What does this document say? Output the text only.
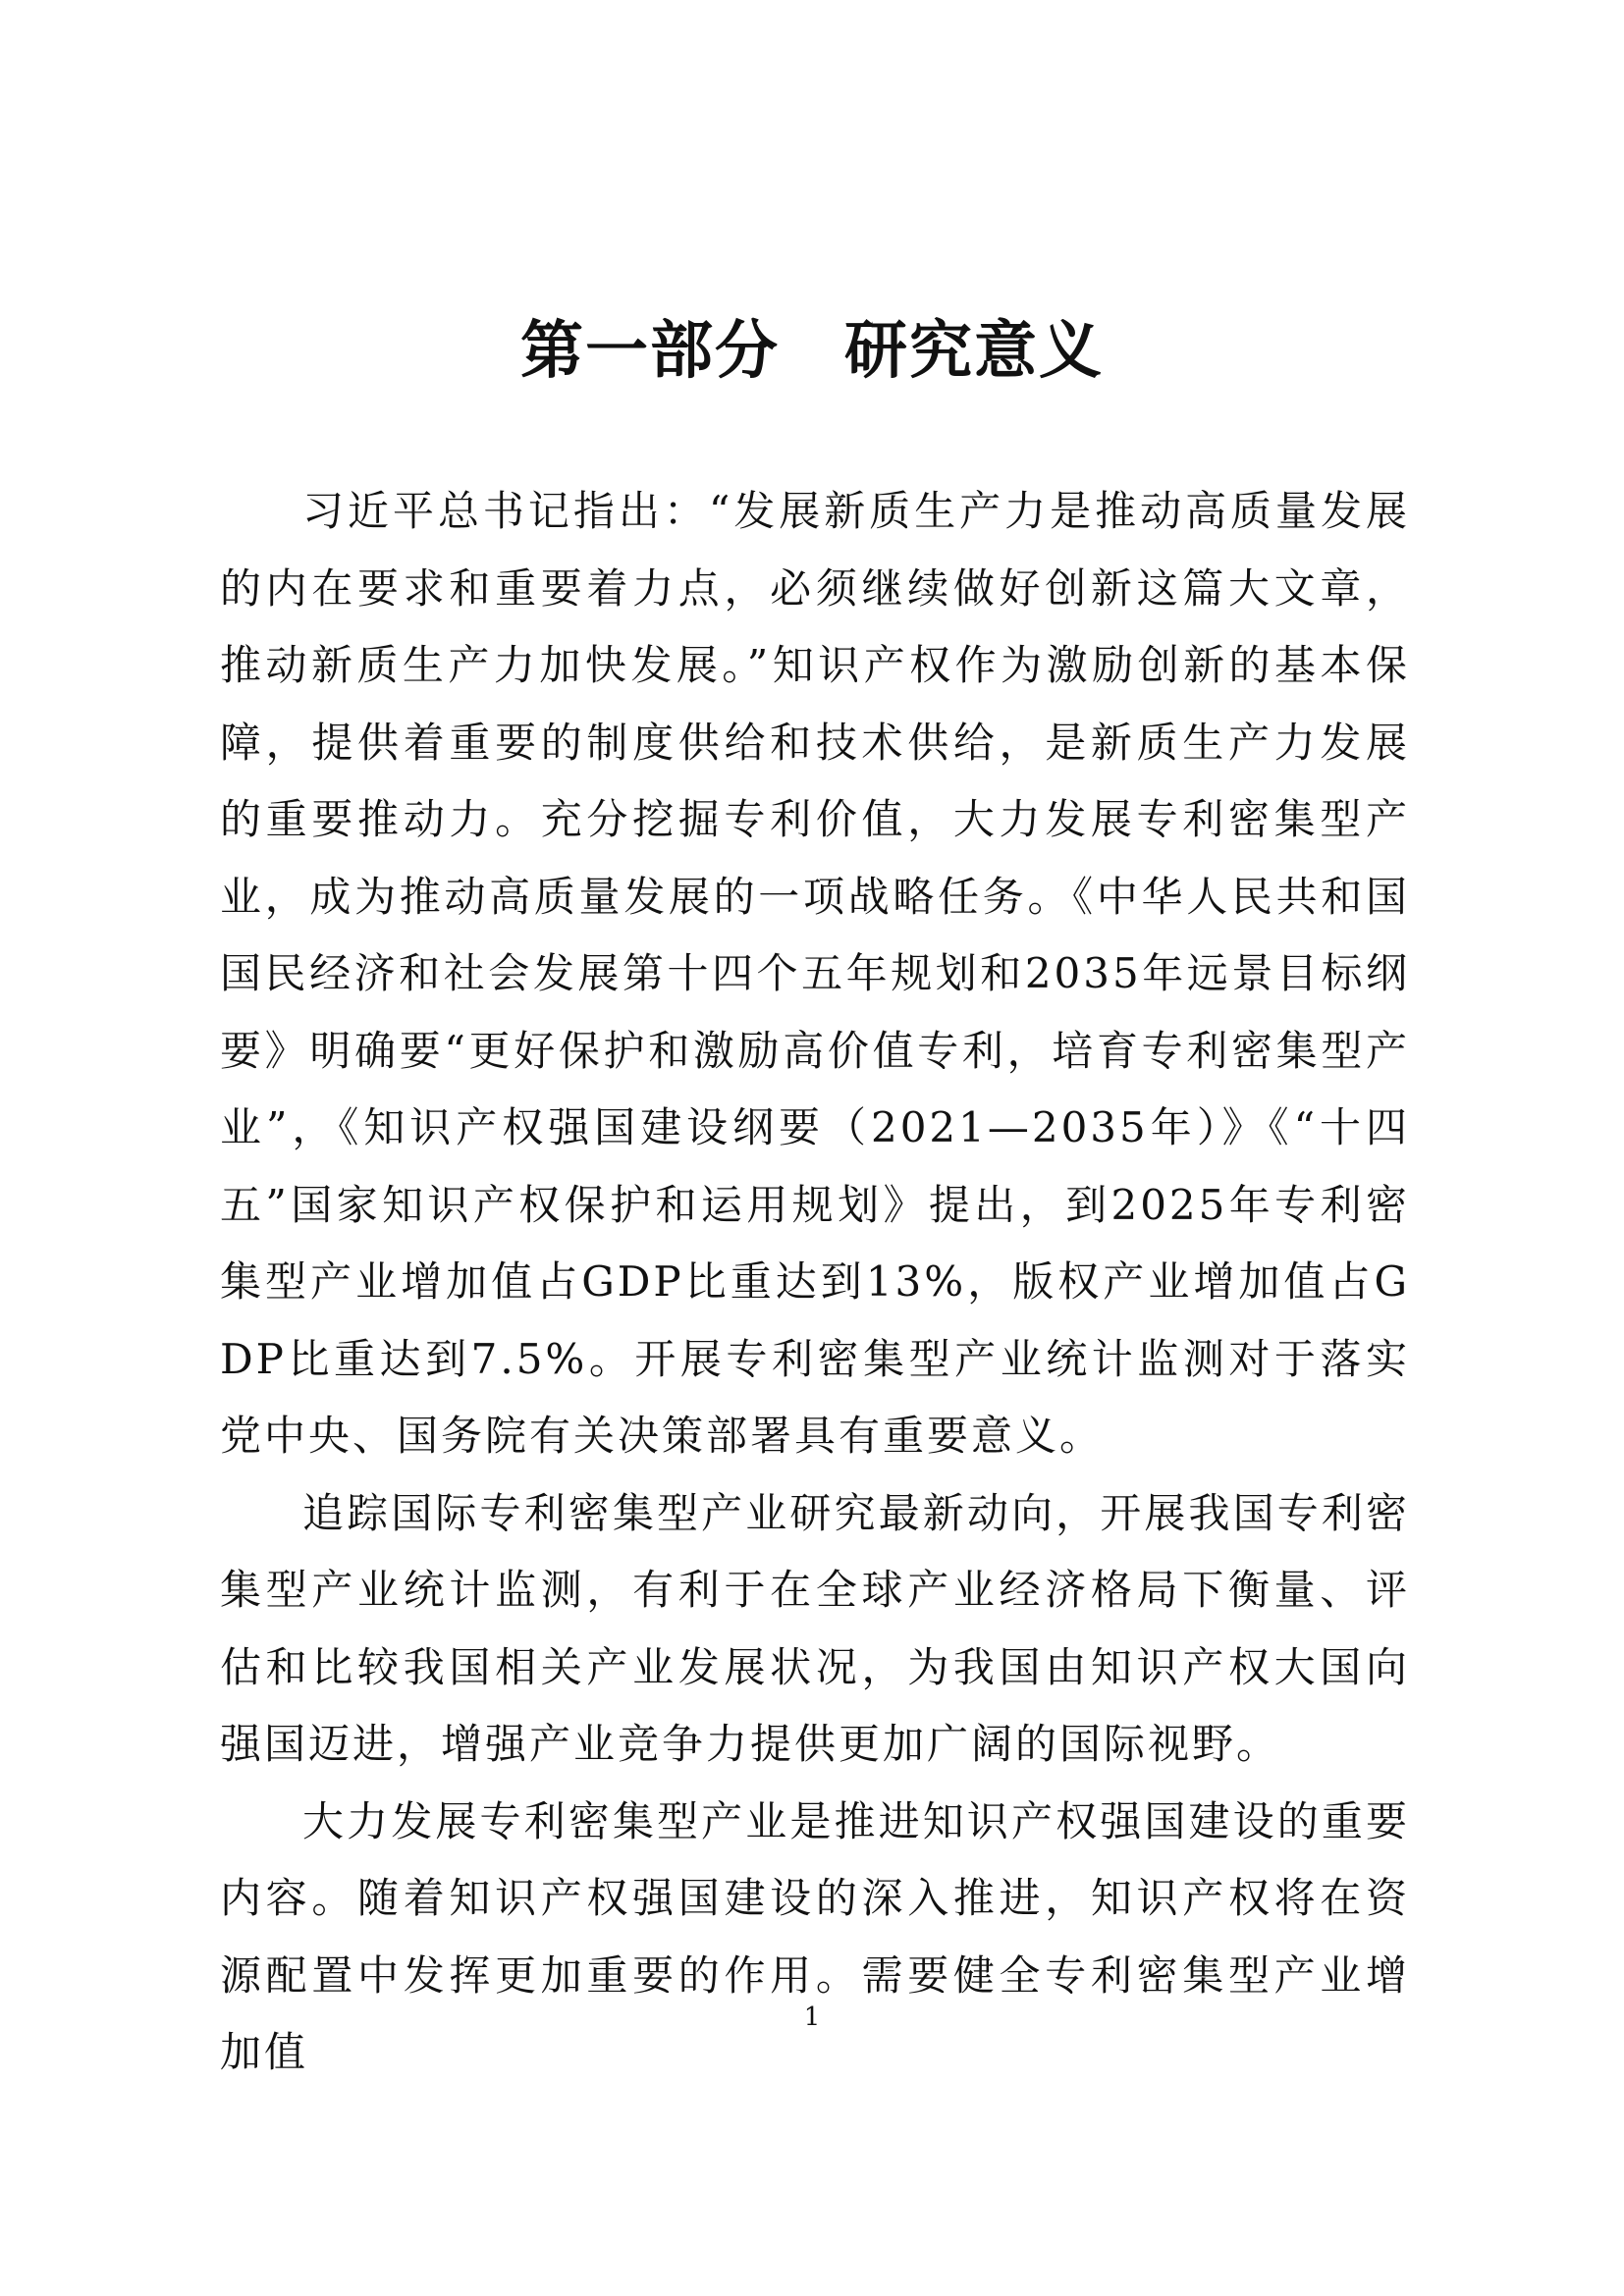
第一部分　研究意义

习近平总书记指出：“发展新质生产力是推动高质量发展的内在要求和重要着力点，必须继续做好创新这篇大文章，推动新质生产力加快发展。”知识产权作为激励创新的基本保障，提供着重要的制度供给和技术供给，是新质生产力发展的重要推动力。充分挖掘专利价值，大力发展专利密集型产业，成为推动高质量发展的一项战略任务。《中华人民共和国国民经济和社会发展第十四个五年规划和2035年远景目标纲要》明确要“更好保护和激励高价值专利，培育专利密集型产业”，《知识产权强国建设纲要（2021—2035年）》《“十四五”国家知识产权保护和运用规划》提出，到2025年专利密集型产业增加值占GDP比重达到13%，版权产业增加值占GDP比重达到7.5%。开展专利密集型产业统计监测对于落实党中央、国务院有关决策部署具有重要意义。

追踪国际专利密集型产业研究最新动向，开展我国专利密集型产业统计监测，有利于在全球产业经济格局下衡量、评估和比较我国相关产业发展状况，为我国由知识产权大国向强国迈进，增强产业竞争力提供更加广阔的国际视野。

大力发展专利密集型产业是推进知识产权强国建设的重要内容。随着知识产权强国建设的深入推进，知识产权将在资源配置中发挥更加重要的作用。需要健全专利密集型产业增加值

1
